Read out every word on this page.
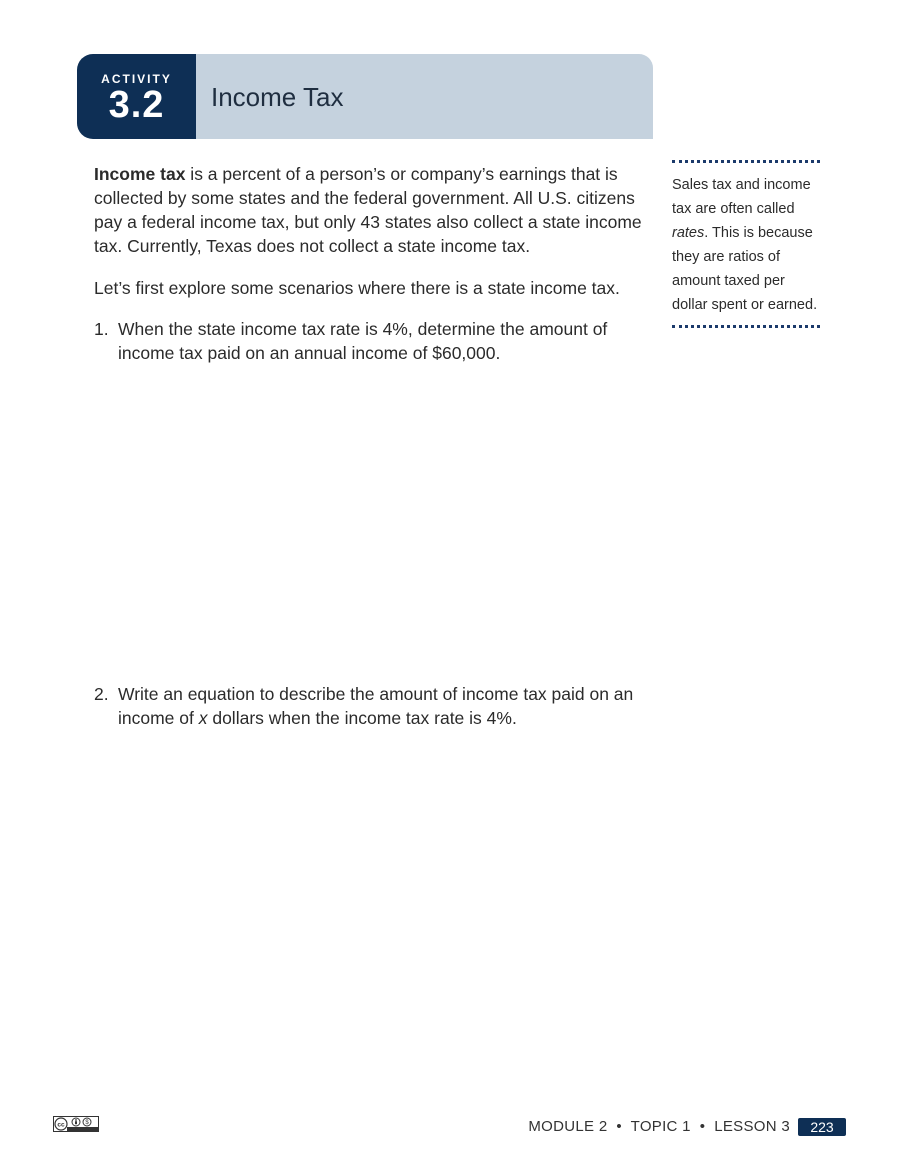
ACTIVITY
3.2	Income Tax

Income tax is a percent of a person’s or company’s earnings that is collected by some states and the federal government. All U.S. citizens pay a federal income tax, but only 43 states also collect a state income tax. Currently, Texas does not collect a state income tax.

Let’s first explore some scenarios where there is a state income tax.

1. When the state income tax rate is 4%, determine the amount of income tax paid on an annual income of $60,000.
2. Write an equation to describe the amount of income tax paid on an income of x dollars when the income tax rate is 4%.

Sales tax and income tax are often called rates. This is because they are ratios of amount taxed per dollar spent or earned.

cc	$	MODULE 2  •  TOPIC 1  •  LESSON 3	223
